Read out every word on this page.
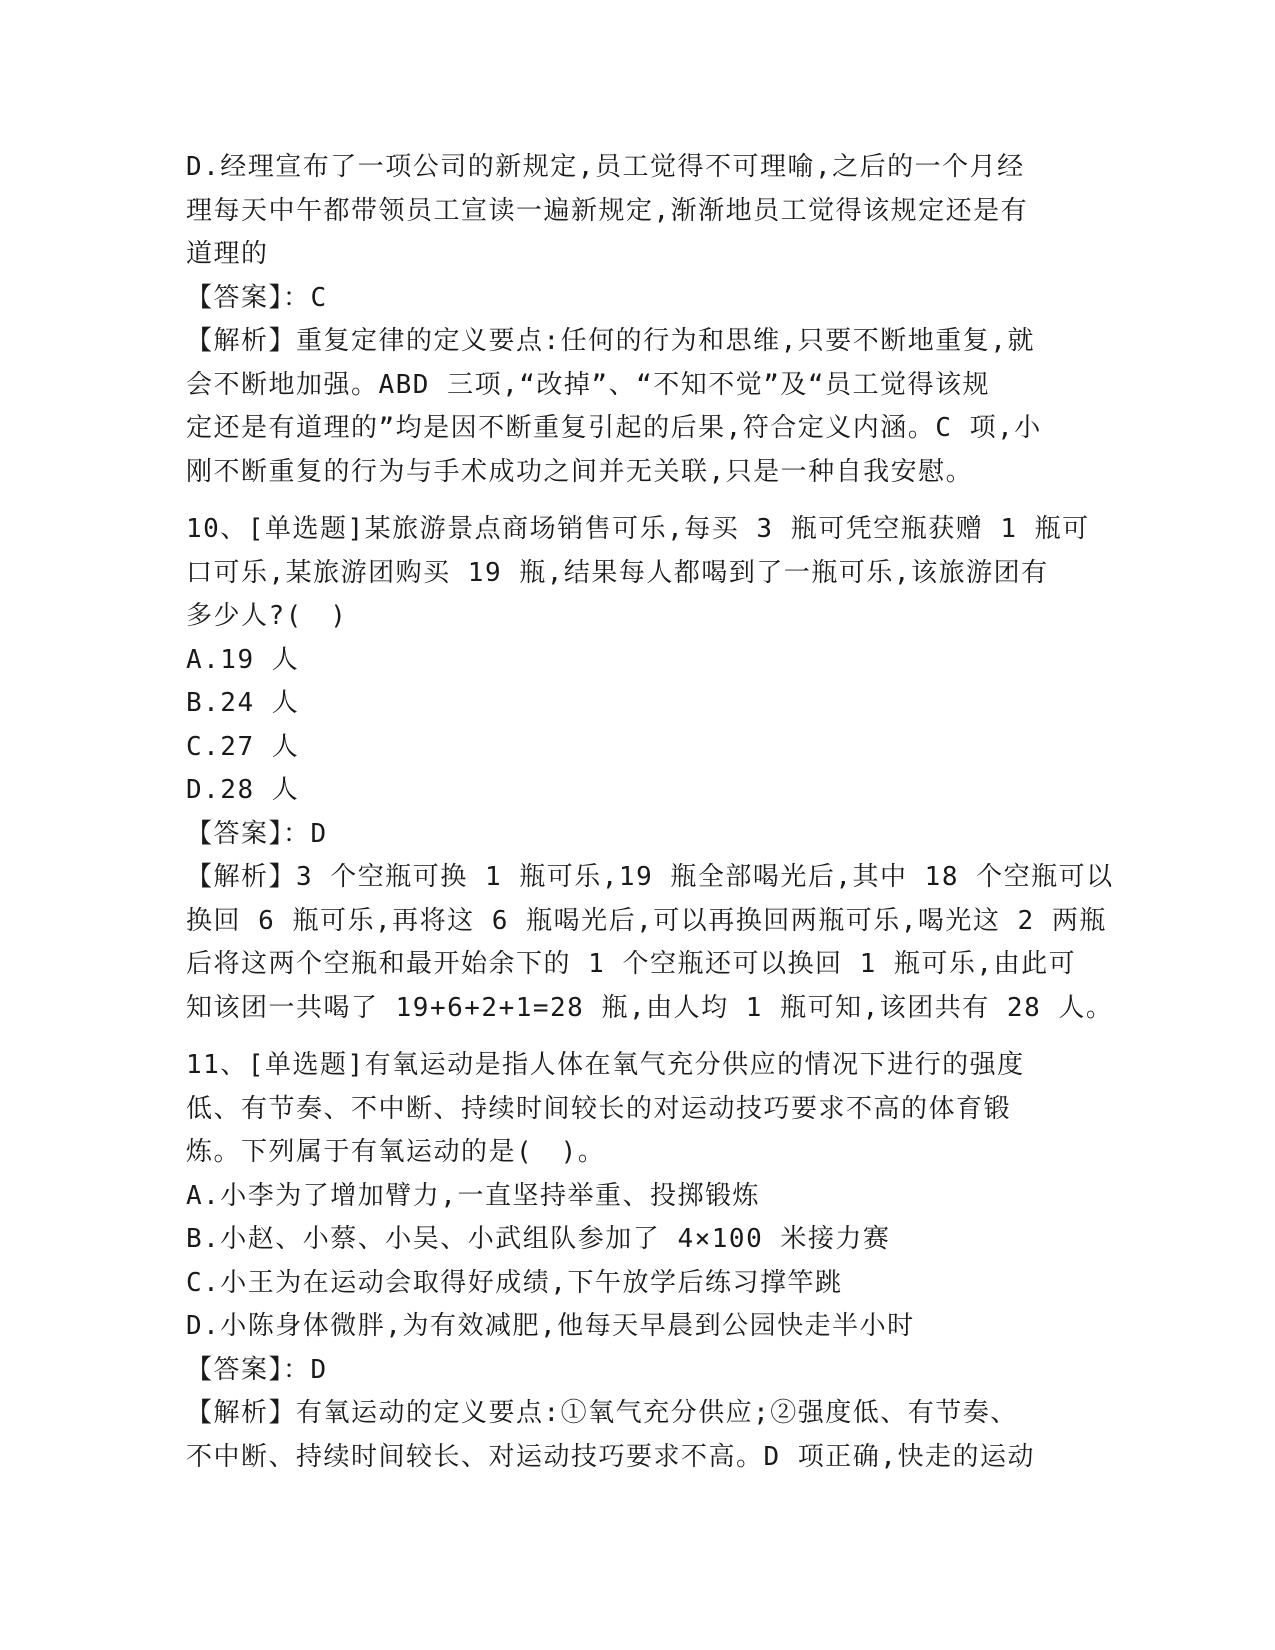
D.经理宣布了一项公司的新规定,员工觉得不可理喻,之后的一个月经
理每天中午都带领员工宣读一遍新规定,渐渐地员工觉得该规定还是有
道理的
【答案】：C
【解析】重复定律的定义要点:任何的行为和思维,只要不断地重复,就
会不断地加强。ABD 三项,“改掉”、“不知不觉”及“员工觉得该规
定还是有道理的”均是因不断重复引起的后果,符合定义内涵。C 项,小
刚不断重复的行为与手术成功之间并无关联,只是一种自我安慰。
10、[单选题]某旅游景点商场销售可乐,每买 3 瓶可凭空瓶获赠 1 瓶可
口可乐,某旅游团购买 19 瓶,结果每人都喝到了一瓶可乐,该旅游团有
多少人?(　)
A.19 人
B.24 人
C.27 人
D.28 人
【答案】：D
【解析】3 个空瓶可换 1 瓶可乐,19 瓶全部喝光后,其中 18 个空瓶可以
换回 6 瓶可乐,再将这 6 瓶喝光后,可以再换回两瓶可乐,喝光这 2 两瓶
后将这两个空瓶和最开始余下的 1 个空瓶还可以换回 1 瓶可乐,由此可
知该团一共喝了 19+6+2+1=28 瓶,由人均 1 瓶可知,该团共有 28 人。
11、[单选题]有氧运动是指人体在氧气充分供应的情况下进行的强度
低、有节奏、不中断、持续时间较长的对运动技巧要求不高的体育锻
炼。下列属于有氧运动的是(　)。
A.小李为了增加臂力,一直坚持举重、投掷锻炼
B.小赵、小蔡、小吴、小武组队参加了 4×100 米接力赛
C.小王为在运动会取得好成绩,下午放学后练习撑竿跳
D.小陈身体微胖,为有效减肥,他每天早晨到公园快走半小时
【答案】：D
【解析】有氧运动的定义要点:①氧气充分供应;②强度低、有节奏、
不中断、持续时间较长、对运动技巧要求不高。D 项正确,快走的运动
